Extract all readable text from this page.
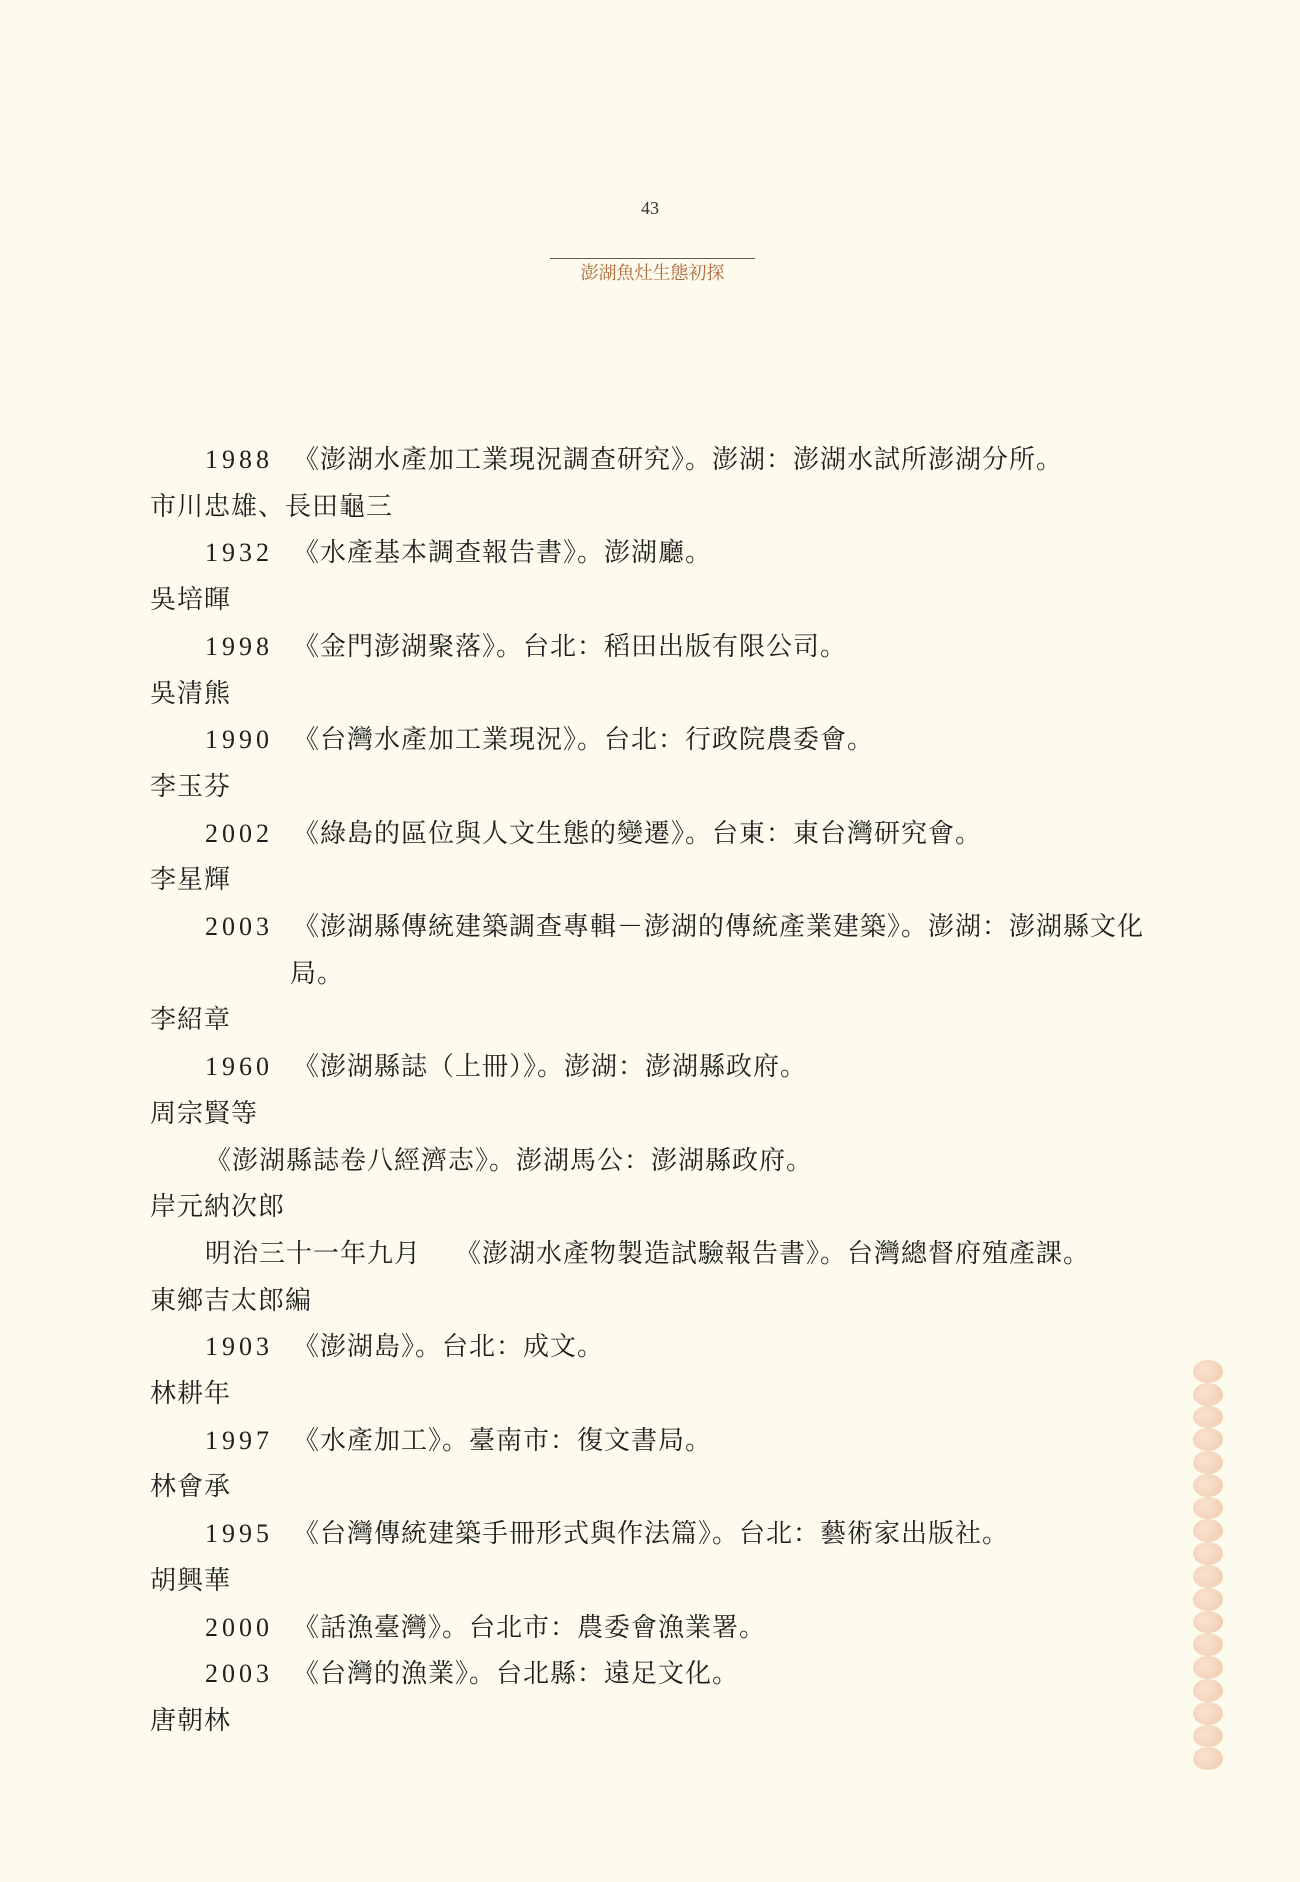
43
澎湖魚灶生態初探
1988 《澎湖水產加工業現況調查研究》。澎湖：澎湖水試所澎湖分所。
市川忠雄、長田龜三
1932 《水產基本調查報告書》。澎湖廳。
吳培暉
1998 《金門澎湖聚落》。台北：稻田出版有限公司。
吳清熊
1990 《台灣水產加工業現況》。台北：行政院農委會。
李玉芬
2002 《綠島的區位與人文生態的變遷》。台東：東台灣研究會。
李星輝
2003 《澎湖縣傳統建築調查專輯－澎湖的傳統產業建築》。澎湖：澎湖縣文化
局。
李紹章
1960 《澎湖縣誌（上冊）》。澎湖：澎湖縣政府。
周宗賢等
《澎湖縣誌卷八經濟志》。澎湖馬公：澎湖縣政府。
岸元納次郎
明治三十一年九月 《澎湖水產物製造試驗報告書》。台灣總督府殖產課。
東鄉吉太郎編
1903 《澎湖島》。台北：成文。
林耕年
1997 《水產加工》。臺南市：復文書局。
林會承
1995 《台灣傳統建築手冊形式與作法篇》。台北：藝術家出版社。
胡興華
2000 《話漁臺灣》。台北市：農委會漁業署。
2003 《台灣的漁業》。台北縣：遠足文化。
唐朝林
